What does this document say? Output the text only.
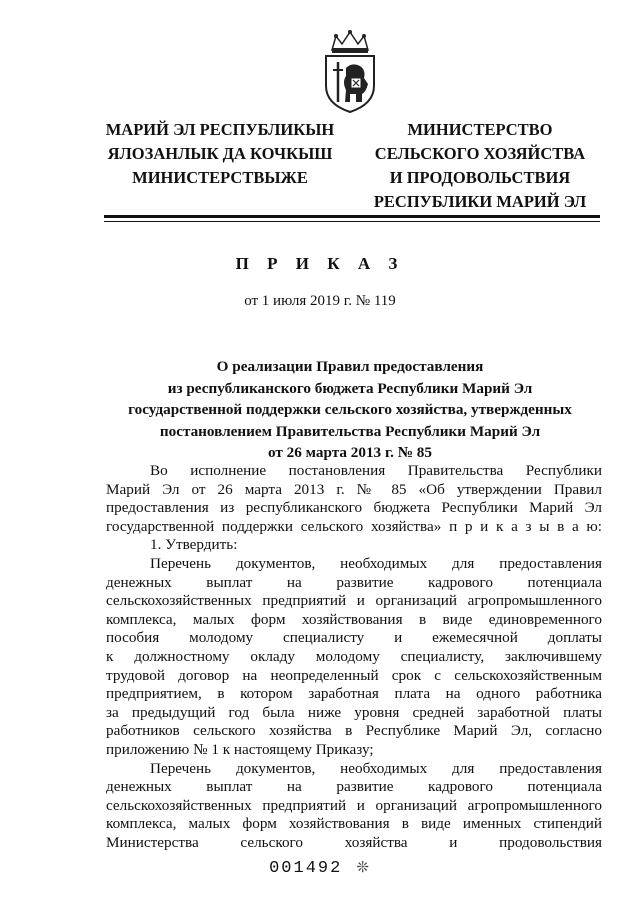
МАРИЙ ЭЛ РЕСПУБЛИКЫН
ЯЛОЗАНЛЫК ДА КОЧКЫШ
МИНИСТЕРСТВЫЖЕ
МИНИСТЕРСТВО
СЕЛЬСКОГО ХОЗЯЙСТВА
И ПРОДОВОЛЬСТВИЯ
РЕСПУБЛИКИ МАРИЙ ЭЛ
П Р И К А З
от 1 июля 2019 г. № 119
О реализации Правил предоставления
из республиканского бюджета Республики Марий Эл
государственной поддержки сельского хозяйства, утвержденных
постановлением Правительства Республики Марий Эл
от 26 марта 2013 г. № 85
Во исполнение постановления Правительства Республики
Марий Эл от 26 марта 2013 г. № 85 «Об утверждении Правил
предоставления из республиканского бюджета Республики Марий Эл
государственной поддержки сельского хозяйства» п р и к а з ы в а ю:
1. Утвердить:
Перечень документов, необходимых для предоставления
денежных выплат на развитие кадрового потенциала
сельскохозяйственных предприятий и организаций агропромышленного
комплекса, малых форм хозяйствования в виде единовременного
пособия молодому специалисту и ежемесячной доплаты
к должностному окладу молодому специалисту, заключившему
трудовой договор на неопределенный срок с сельскохозяйственным
предприятием, в котором заработная плата на одного работника
за предыдущий год была ниже уровня средней заработной платы
работников сельского хозяйства в Республике Марий Эл, согласно
приложению № 1 к настоящему Приказу;
Перечень документов, необходимых для предоставления
денежных выплат на развитие кадрового потенциала
сельскохозяйственных предприятий и организаций агропромышленного
комплекса, малых форм хозяйствования в виде именных стипендий
Министерства сельского хозяйства и продовольствия
001492 ❊
